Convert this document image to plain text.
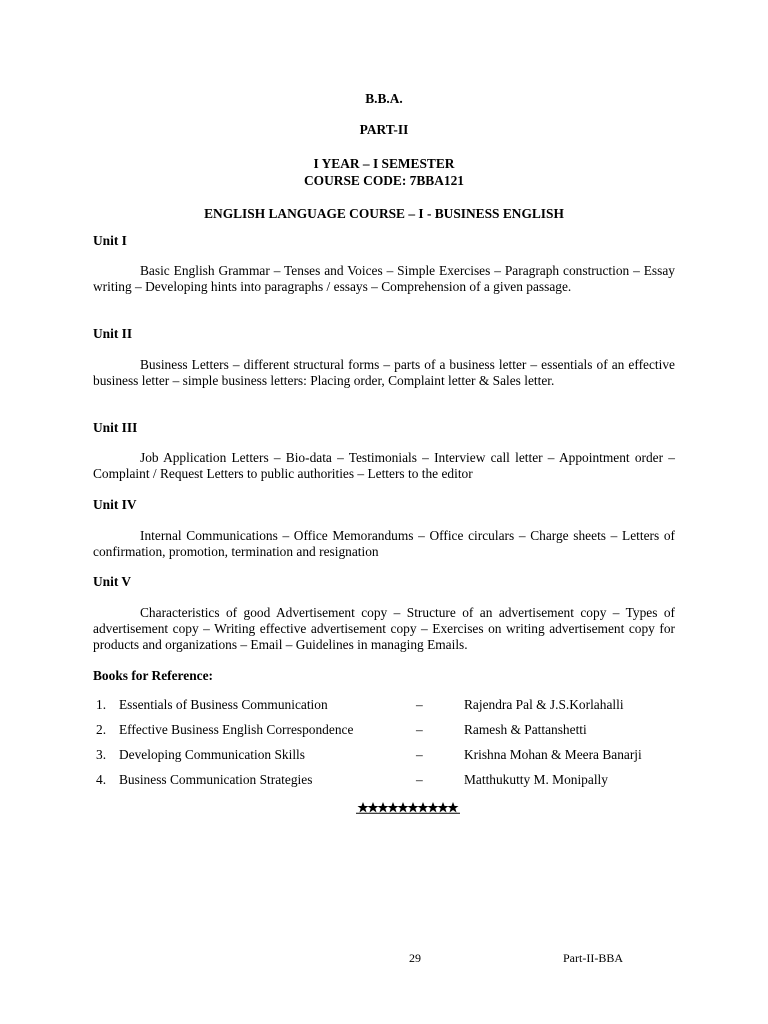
B.B.A.
PART-II
I YEAR – I SEMESTER
COURSE CODE: 7BBA121
ENGLISH LANGUAGE COURSE – I - BUSINESS ENGLISH
Unit I
Basic English Grammar – Tenses and Voices – Simple Exercises – Paragraph construction – Essay writing – Developing hints into paragraphs / essays – Comprehension of a given passage.
Unit II
Business Letters – different structural forms – parts of a business letter – essentials of an effective business letter – simple business letters: Placing order, Complaint letter & Sales letter.
Unit III
Job Application Letters – Bio-data – Testimonials – Interview call letter – Appointment order – Complaint / Request Letters to public authorities – Letters to the editor
Unit IV
Internal Communications – Office Memorandums – Office circulars – Charge sheets – Letters of confirmation, promotion, termination and resignation
Unit V
Characteristics of good Advertisement copy – Structure of an advertisement copy – Types of advertisement copy – Writing effective advertisement copy – Exercises on writing advertisement copy for products and organizations – Email – Guidelines in managing Emails.
Books for Reference:
1. Essentials of Business Communication	–	Rajendra Pal & J.S.Korlahalli
2. Effective Business English Correspondence	–	Ramesh & Pattanshetti
3. Developing Communication Skills	–	Krishna Mohan & Meera Banarji
4. Business Communication Strategies	–	Matthukutty M. Monipally
29	Part-II-BBA
